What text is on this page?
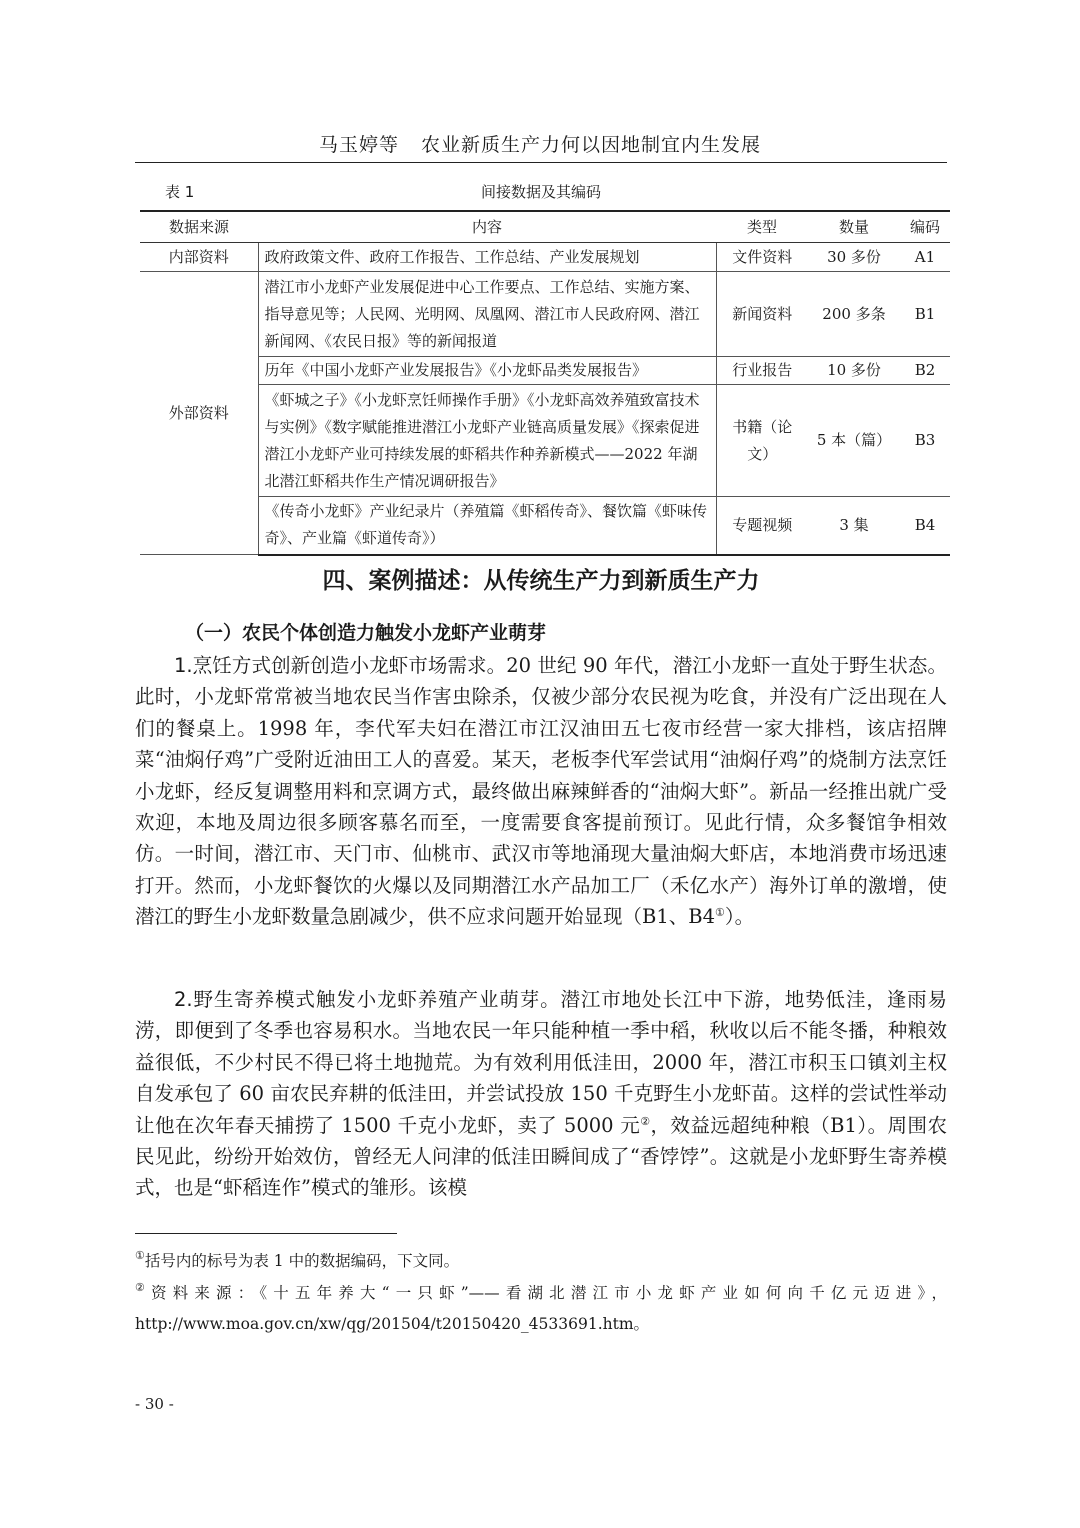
马玉婷等 农业新质生产力何以因地制宜内生发展
间接数据及其编码
表 1
数据来源	内容	类型	数量	编码
内部资料	政府政策文件、政府工作报告、工作总结、产业发展规划	文件资料	30 多份	A1
外部资料	潜江市小龙虾产业发展促进中心工作要点、工作总结、实施方案、指导意见等；人民网、光明网、凤凰网、潜江市人民政府网、潜江新闻网、《农民日报》等的新闻报道	新闻资料	200 多条	B1
	历年《中国小龙虾产业发展报告》《小龙虾品类发展报告》	行业报告	10 多份	B2
	《虾城之子》《小龙虾烹饪师操作手册》《小龙虾高效养殖致富技术与实例》《数字赋能推进潜江小龙虾产业链高质量发展》《探索促进潜江小龙虾产业可持续发展的虾稻共作种养新模式——2022 年湖北潜江虾稻共作生产情况调研报告》	书籍（论文）	5 本（篇）	B3
	《传奇小龙虾》产业纪录片（养殖篇《虾稻传奇》、餐饮篇《虾味传奇》、产业篇《虾道传奇》）	专题视频	3 集	B4
四、案例描述：从传统生产力到新质生产力
（一）农民个体创造力触发小龙虾产业萌芽

1.烹饪方式创新创造小龙虾市场需求。20 世纪 90 年代，潜江小龙虾一直处于野生状态。此时，小龙虾常常被当地农民当作害虫除杀，仅被少部分农民视为吃食，并没有广泛出现在人们的餐桌上。1998 年，李代军夫妇在潜江市江汉油田五七夜市经营一家大排档，该店招牌菜“油焖仔鸡”广受附近油田工人的喜爱。某天，老板李代军尝试用“油焖仔鸡”的烧制方法烹饪小龙虾，经反复调整用料和烹调方式，最终做出麻辣鲜香的“油焖大虾”。新品一经推出就广受欢迎，本地及周边很多顾客慕名而至，一度需要食客提前预订。见此行情，众多餐馆争相效仿。一时间，潜江市、天门市、仙桃市、武汉市等地涌现大量油焖大虾店，本地消费市场迅速打开。然而，小龙虾餐饮的火爆以及同期潜江水产品加工厂（禾亿水产）海外订单的激增，使潜江的野生小龙虾数量急剧减少，供不应求问题开始显现（B1、B4①）。

2.野生寄养模式触发小龙虾养殖产业萌芽。潜江市地处长江中下游，地势低洼，逢雨易涝，即便到了冬季也容易积水。当地农民一年只能种植一季中稻，秋收以后不能冬播，种粮效益很低，不少村民不得已将土地抛荒。为有效利用低洼田，2000 年，潜江市积玉口镇刘主权自发承包了 60 亩农民弃耕的低洼田，并尝试投放 150 千克野生小龙虾苗。这样的尝试性举动让他在次年春天捕捞了 1500 千克小龙虾，卖了 5000 元②，效益远超纯种粮（B1）。周围农民见此，纷纷开始效仿，曾经无人问津的低洼田瞬间成了“香饽饽”。这就是小龙虾野生寄养模式，也是“虾稻连作”模式的雏形。该模

①括号内的标号为表 1 中的数据编码，下文同。

②资料来源：《十五年养大“一只虾”——看湖北潜江市小龙虾产业如何向千亿元迈进》，http://www.moa.gov.cn/xw/qg/201504/t20150420_4533691.htm。

- 30 -
